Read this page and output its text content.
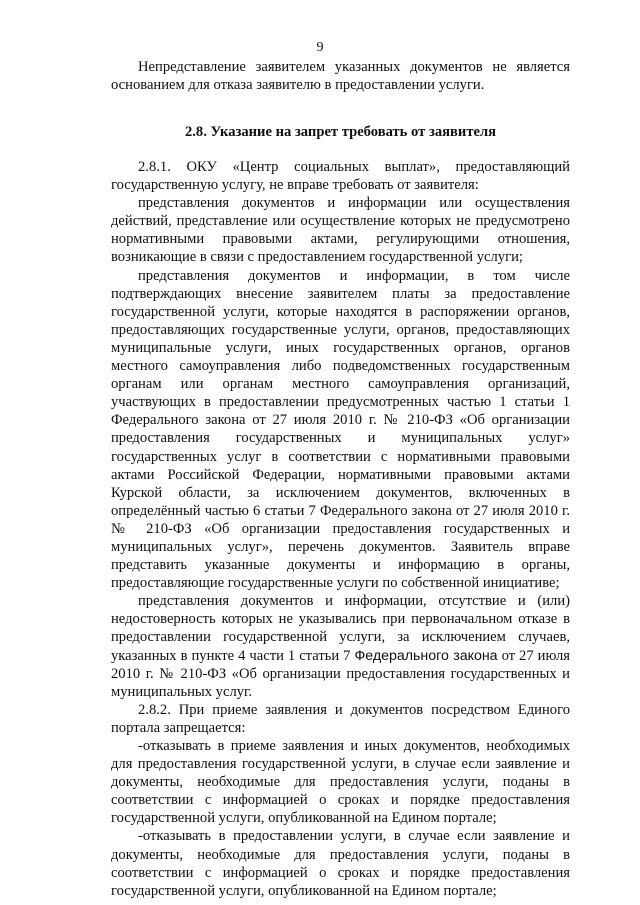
9

Непредставление заявителем указанных документов не является основанием для отказа заявителю в предоставлении услуги.

2.8. Указание на запрет требовать от заявителя

2.8.1. ОКУ «Центр социальных выплат», предоставляющий государственную услугу, не вправе требовать от заявителя:

представления документов и информации или осуществления действий, представление или осуществление которых не предусмотрено нормативными правовыми актами, регулирующими отношения, возникающие в связи с предоставлением государственной услуги;

представления документов и информации, в том числе подтверждающих внесение заявителем платы за предоставление государственной услуги, которые находятся в распоряжении органов, предоставляющих государственные услуги, органов, предоставляющих муниципальные услуги, иных государственных органов, органов местного самоуправления либо подведомственных государственным органам или органам местного самоуправления организаций, участвующих в предоставлении предусмотренных частью 1 статьи 1 Федерального закона от 27 июля 2010 г. № 210-ФЗ «Об организации предоставления государственных и муниципальных услуг» государственных услуг в соответствии с нормативными правовыми актами Российской Федерации, нормативными правовыми актами Курской области, за исключением документов, включенных в определённый частью 6 статьи 7 Федерального закона от 27 июля 2010 г. № 210-ФЗ «Об организации предоставления государственных и муниципальных услуг», перечень документов. Заявитель вправе представить указанные документы и информацию в органы, предоставляющие государственные услуги по собственной инициативе;

представления документов и информации, отсутствие и (или) недостоверность которых не указывались при первоначальном отказе в предоставлении государственной услуги, за исключением случаев, указанных в пункте 4 части 1 статьи 7 Федерального закона от 27 июля 2010 г. № 210-ФЗ «Об организации предоставления государственных и муниципальных услуг.

2.8.2. При приеме заявления и документов посредством Единого портала запрещается:

-отказывать в приеме заявления и иных документов, необходимых для предоставления государственной услуги, в случае если заявление и документы, необходимые для предоставления услуги, поданы в соответствии с информацией о сроках и порядке предоставления государственной услуги, опубликованной на Едином портале;

-отказывать в предоставлении услуги, в случае если заявление и документы, необходимые для предоставления услуги, поданы в соответствии с информацией о сроках и порядке предоставления государственной услуги, опубликованной на Едином портале;
